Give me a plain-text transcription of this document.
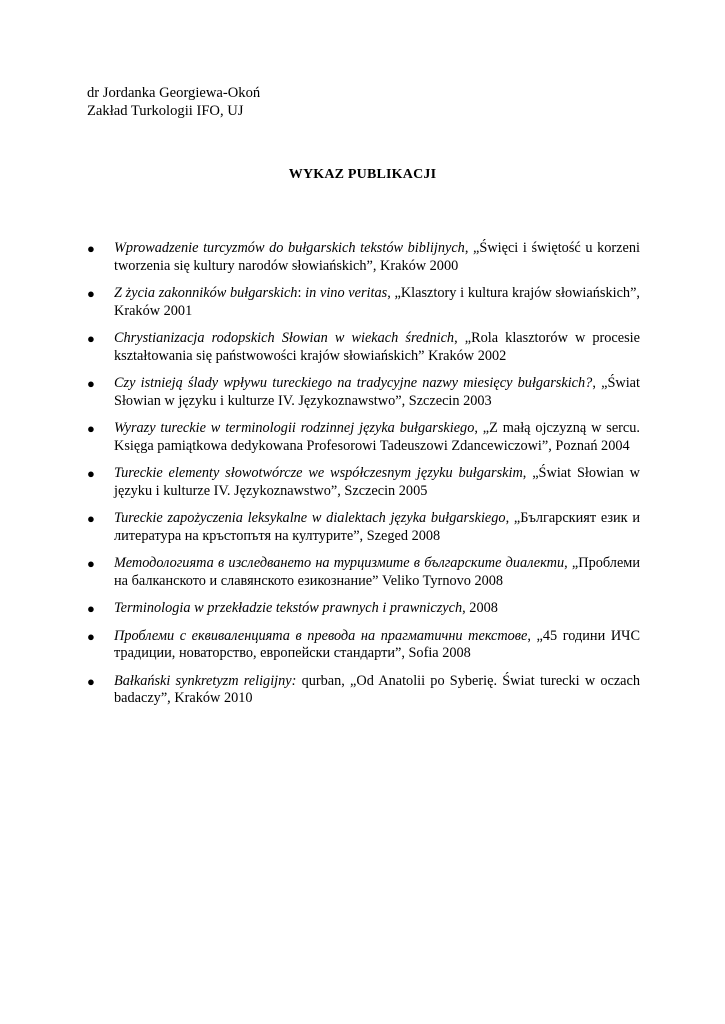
dr Jordanka Georgiewa-Okoń
Zakład Turkologii IFO, UJ
WYKAZ PUBLIKACJI
● Wprowadzenie turcyzmów do bułgarskich tekstów biblijnych, „Święci i świętość u korzeni tworzenia się kultury narodów słowiańskich”, Kraków 2000
● Z życia zakonników bułgarskich: in vino veritas, „Klasztory i kultura krajów słowiańskich”, Kraków 2001
● Chrystianizacja rodopskich Słowian w wiekach średnich, „Rola klasztorów w procesie kształtowania się państwowości krajów słowiańskich” Kraków 2002
● Czy istnieją ślady wpływu tureckiego na tradycyjne nazwy miesięcy bułgarskich?, „Świat Słowian w języku i kulturze IV. Językoznawstwo”, Szczecin 2003
● Wyrazy tureckie w terminologii rodzinnej języka bułgarskiego, „Z małą ojczyzną w sercu. Księga pamiątkowa dedykowana Profesorowi Tadeuszowi Zdancewiczowi”, Poznań 2004
● Tureckie elementy słowotwórcze we współczesnym języku bułgarskim, „Świat Słowian w języku i kulturze IV. Językoznawstwo”, Szczecin 2005
● Tureckie zapożyczenia leksykalne w dialektach języka bułgarskiego, „Българският език и литература на кръстопътя на културите”, Szeged 2008
● Методологията в изследването на турцизмите в българските диалекти, „Проблеми на балканското и славянското езикознание” Veliko Tyrnovo 2008
● Terminologia w przekładzie tekstów prawnych i prawniczych, 2008
● Проблеми с еквиваленцията в превода на прагматични текстове, „45 години ИЧС традиции, новаторство, европейски стандарти”, Sofia 2008
● Bałkański synkretyzm religijny: qurban, „Od Anatolii po Syberię. Świat turecki w oczach badaczy”, Kraków 2010
